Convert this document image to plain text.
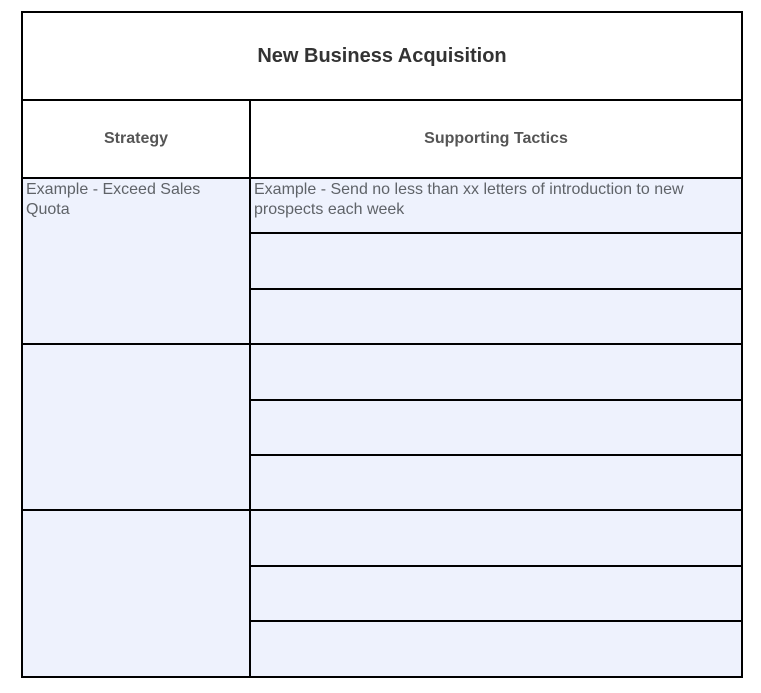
New Business Acquisition
Strategy	Supporting Tactics
Example - Exceed Sales Quota
Example - Send no less than xx letters of introduction to new prospects each week
